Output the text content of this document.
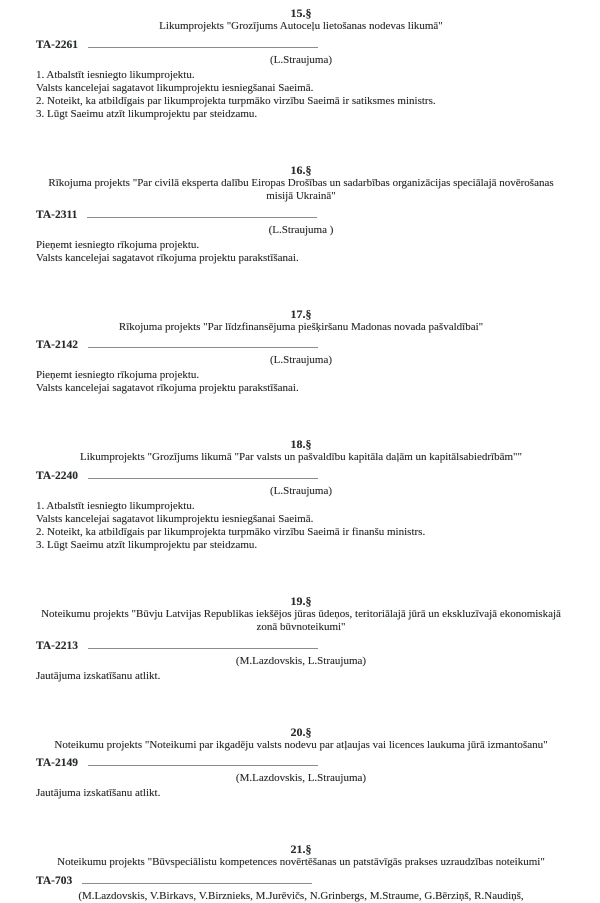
15.§
Likumprojekts "Grozījums Autoceļu lietošanas nodevas likumā"
TA-2261
(L.Straujuma)
1. Atbalstīt iesniegto likumprojektu.
Valsts kancelejai sagatavot likumprojektu iesniegšanai Saeimā.
2. Noteikt, ka atbildīgais par likumprojekta turpmāko virzību Saeimā ir satiksmes ministrs.
3. Lūgt Saeimu atzīt likumprojektu par steidzamu.
16.§
Rīkojuma projekts "Par civilā eksperta dalību Eiropas Drošības un sadarbības organizācijas speciālajā novērošanas misijā Ukrainā"
TA-2311
(L.Straujuma )
Pieņemt iesniegto rīkojuma projektu.
Valsts kancelejai sagatavot rīkojuma projektu parakstīšanai.
17.§
Rīkojuma projekts "Par līdzfinansējuma piešķiršanu Madonas novada pašvaldībai"
TA-2142
(L.Straujuma)
Pieņemt iesniegto rīkojuma projektu.
Valsts kancelejai sagatavot rīkojuma projektu parakstīšanai.
18.§
Likumprojekts "Grozījums likumā "Par valsts un pašvaldību kapitāla daļām un kapitālsabiedrībām""
TA-2240
(L.Straujuma)
1. Atbalstīt iesniegto likumprojektu.
Valsts kancelejai sagatavot likumprojektu iesniegšanai Saeimā.
2. Noteikt, ka atbildīgais par likumprojekta turpmāko virzību Saeimā ir finanšu ministrs.
3. Lūgt Saeimu atzīt likumprojektu par steidzamu.
19.§
Noteikumu projekts "Būvju Latvijas Republikas iekšējos jūras ūdeņos, teritoriālajā jūrā un ekskluzīvajā ekonomiskajā zonā būvnoteikumi"
TA-2213
(M.Lazdovskis, L.Straujuma)
Jautājuma izskatīšanu atlikt.
20.§
Noteikumu projekts "Noteikumi par ikgadēju valsts nodevu par atļaujas vai licences laukuma jūrā izmantošanu"
TA-2149
(M.Lazdovskis, L.Straujuma)
Jautājuma izskatīšanu atlikt.
21.§
Noteikumu projekts "Būvspeciālistu kompetences novērtēšanas un patstāvīgās prakses uzraudzības noteikumi"
TA-703
(M.Lazdovskis, V.Birkavs, V.Birznieks, M.Jurēvičs, N.Grinbergs, M.Straume, G.Bērziņš, R.Naudiņš,
